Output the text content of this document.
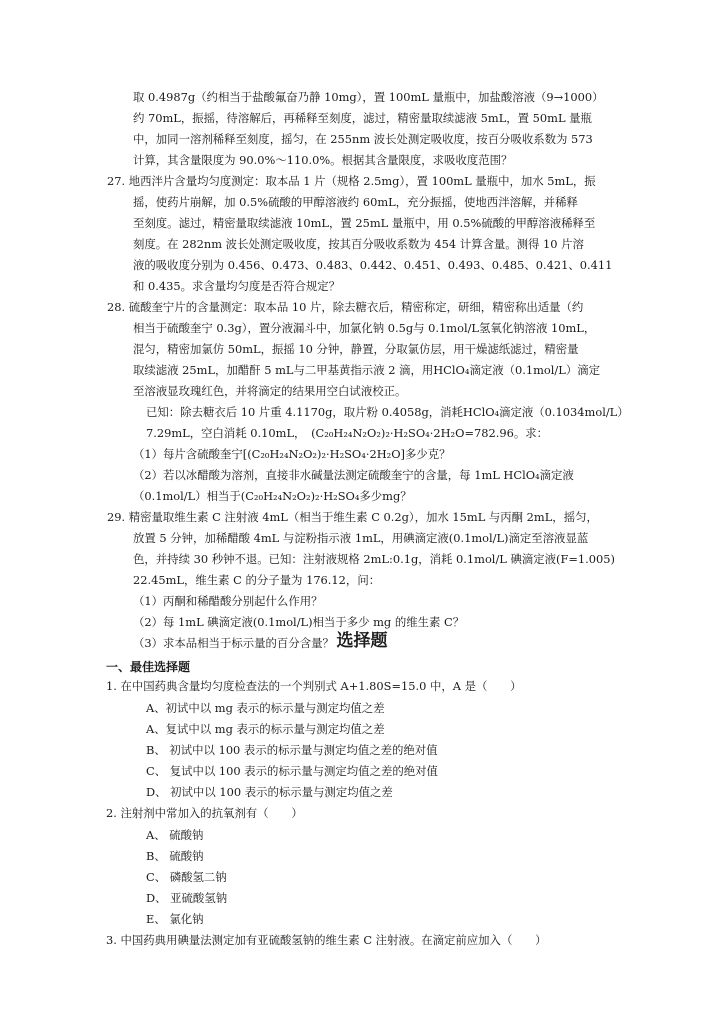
取 0.4987g（约相当于盐酸氟奋乃静 10mg），置 100mL 量瓶中，加盐酸溶液（9→1000）
约 70mL，振摇，待溶解后，再稀释至刻度，滤过，精密量取续滤液 5mL，置 50mL 量瓶
中，加同一溶剂稀释至刻度，摇匀，在 255nm 波长处测定吸收度，按百分吸收系数为 573
计算，其含量限度为 90.0%～110.0%。根据其含量限度，求吸收度范围？
27. 地西泮片含量均匀度测定：取本品 1 片（规格 2.5mg），置 100mL 量瓶中，加水 5mL，振
摇，使药片崩解，加 0.5%硫酸的甲醇溶液约 60mL，充分振摇，使地西泮溶解，并稀释
至刻度。滤过，精密量取续滤液 10mL，置 25mL 量瓶中，用 0.5%硫酸的甲醇溶液稀释至
刻度。在 282nm 波长处测定吸收度，按其百分吸收系数为 454 计算含量。测得 10 片溶
液的吸收度分别为 0.456、0.473、0.483、0.442、0.451、0.493、0.485、0.421、0.411
和 0.435。求含量均匀度是否符合规定？
28. 硫酸奎宁片的含量测定：取本品 10 片，除去糖衣后，精密称定，研细，精密称出适量（约
相当于硫酸奎宁 0.3g），置分液漏斗中，加氯化钠 0.5g与 0.1mol/L氢氧化钠溶液 10mL，
混匀，精密加氯仿 50mL，振摇 10 分钟，静置，分取氯仿层，用干燥滤纸滤过，精密量
取续滤液 25mL，加醋酐 5 mL与二甲基黄指示液 2 滴，用HClO₄滴定液（0.1mol/L）滴定
至溶液显玫瑰红色，并将滴定的结果用空白试液校正。
已知：除去糖衣后 10 片重 4.1170g，取片粉 0.4058g，消耗HClO₄滴定液（0.1034mol/L）
7.29mL，空白消耗 0.10mL，　(C₂₀H₂₄N₂O₂)₂·H₂SO₄·2H₂O=782.96。求：
（1）每片含硫酸奎宁[(C₂₀H₂₄N₂O₂)₂·H₂SO₄·2H₂O]多少克？
（2）若以冰醋酸为溶剂，直接非水碱量法测定硫酸奎宁的含量，每 1mL HClO₄滴定液
（0.1mol/L）相当于(C₂₀H₂₄N₂O₂)₂·H₂SO₄多少mg？
29. 精密量取维生素 C 注射液 4mL（相当于维生素 C 0.2g），加水 15mL 与丙酮 2mL，摇匀，
放置 5 分钟，加稀醋酸 4mL 与淀粉指示液 1mL，用碘滴定液(0.1mol/L)滴定至溶液显蓝
色，并持续 30 秒钟不退。已知：注射液规格 2mL:0.1g，消耗 0.1mol/L 碘滴定液(F=1.005)
22.45mL，维生素 C 的分子量为 176.12，问：
（1）丙酮和稀醋酸分别起什么作用？
（2）每 1mL 碘滴定液(0.1mol/L)相当于多少 mg 的维生素 C？
（3）求本品相当于标示量的百分含量？ 选择题
一、最佳选择题
1. 在中国药典含量均匀度检查法的一个判别式 A+1.80S=15.0 中，A 是（　　）
A、初试中以 mg 表示的标示量与测定均值之差
A、复试中以 mg 表示的标示量与测定均值之差
B、 初试中以 100 表示的标示量与测定均值之差的绝对值
C、 复试中以 100 表示的标示量与测定均值之差的绝对值
D、 初试中以 100 表示的标示量与测定均值之差
2. 注射剂中常加入的抗氧剂有（　　）
A、 硫酸钠
B、 硫酸钠
C、 磷酸氢二钠
D、 亚硫酸氢钠
E、 氯化钠
3. 中国药典用碘量法测定加有亚硫酸氢钠的维生素 C 注射液。在滴定前应加入（　　）
